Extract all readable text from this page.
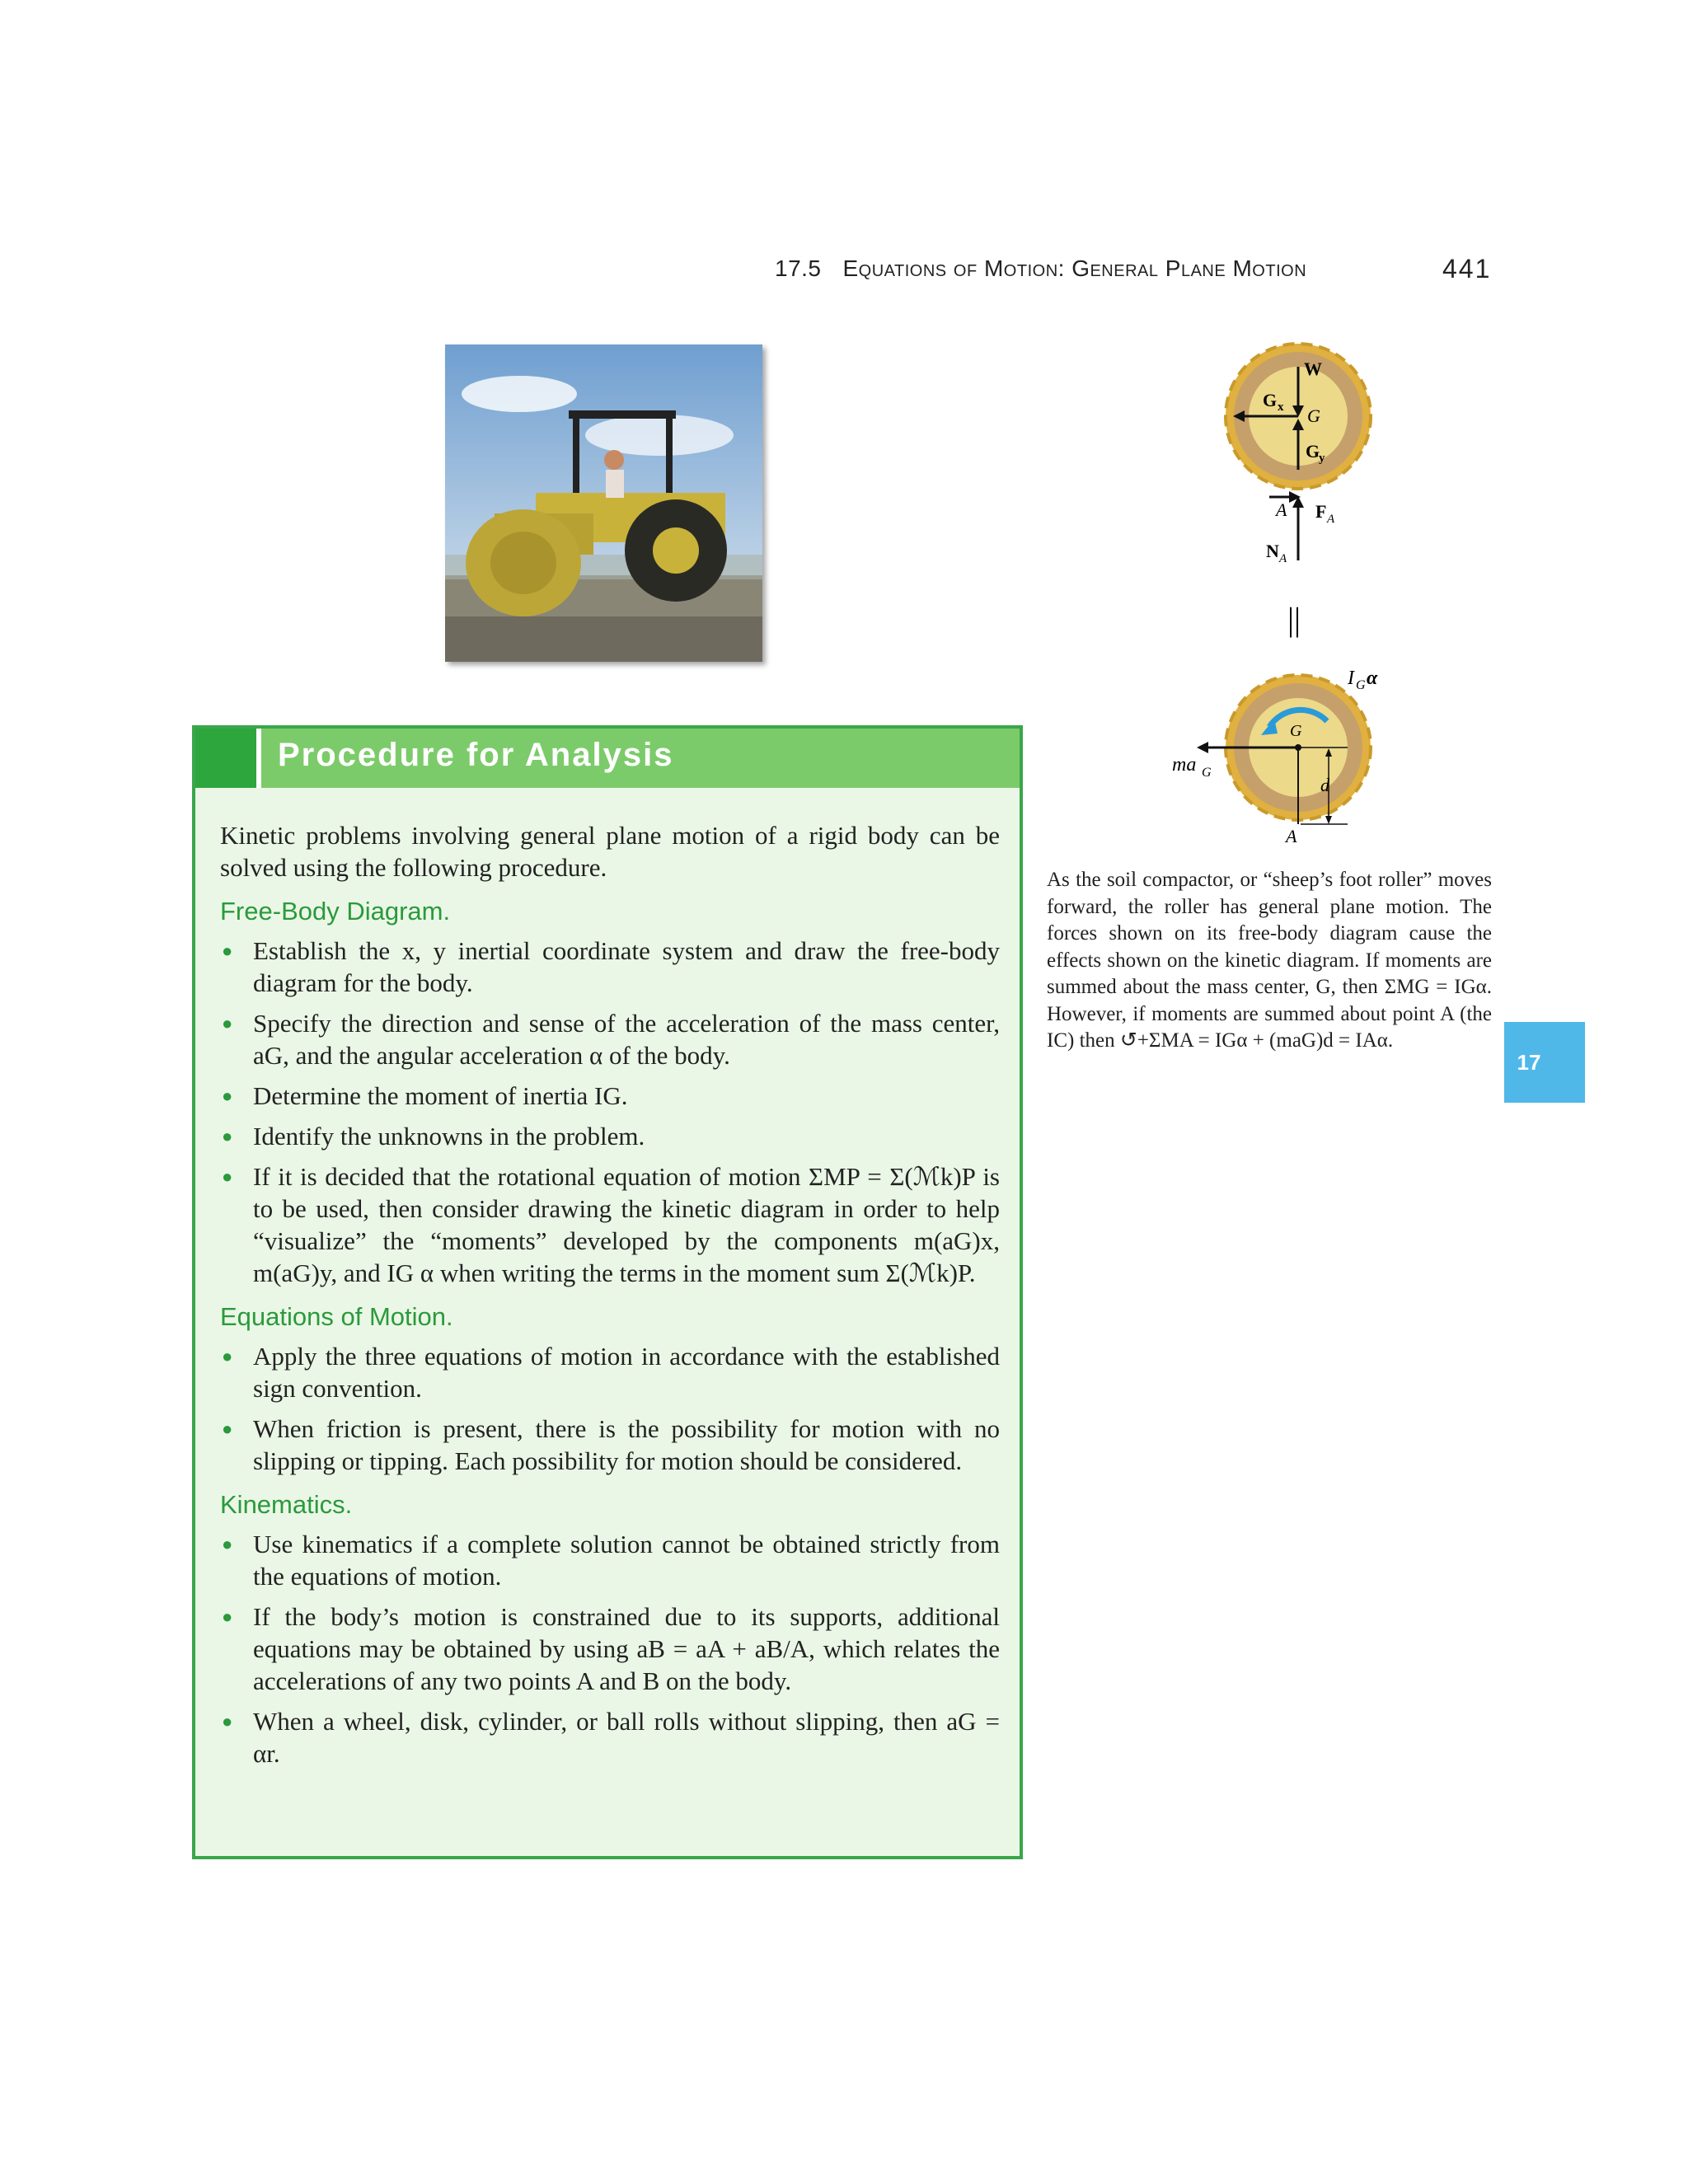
17.5 Equations of Motion: General Plane Motion	441
W
G x G
G
y
A F A
N A
||
G
ma G
I G α
d
A
Procedure for Analysis

Kinetic problems involving general plane motion of a rigid body can be solved using the following procedure.

Free-Body Diagram.
● Establish the x, y inertial coordinate system and draw the free-body diagram for the body.
● Specify the direction and sense of the acceleration of the mass center, aG, and the angular acceleration α of the body.
● Determine the moment of inertia IG.
● Identify the unknowns in the problem.
● If it is decided that the rotational equation of motion ΣMP = Σ(ℳk)P is to be used, then consider drawing the kinetic diagram in order to help “visualize” the “moments” developed by the components m(aG)x, m(aG)y, and IG α when writing the terms in the moment sum Σ(ℳk)P.
Equations of Motion.
● Apply the three equations of motion in accordance with the established sign convention.
● When friction is present, there is the possibility for motion with no slipping or tipping. Each possibility for motion should be considered.
Kinematics.
● Use kinematics if a complete solution cannot be obtained strictly from the equations of motion.
● If the body’s motion is constrained due to its supports, additional equations may be obtained by using aB = aA + aB/A, which relates the accelerations of any two points A and B on the body.
● When a wheel, disk, cylinder, or ball rolls without slipping, then aG = αr.
As the soil compactor, or “sheep’s foot roller” moves forward, the roller has general plane motion. The forces shown on its free-body diagram cause the effects shown on the kinetic diagram. If moments are summed about the mass center, G, then ΣMG = IGα. However, if moments are summed about point A (the IC) then ↺+ΣMA = IGα + (maG)d = IAα.
17
